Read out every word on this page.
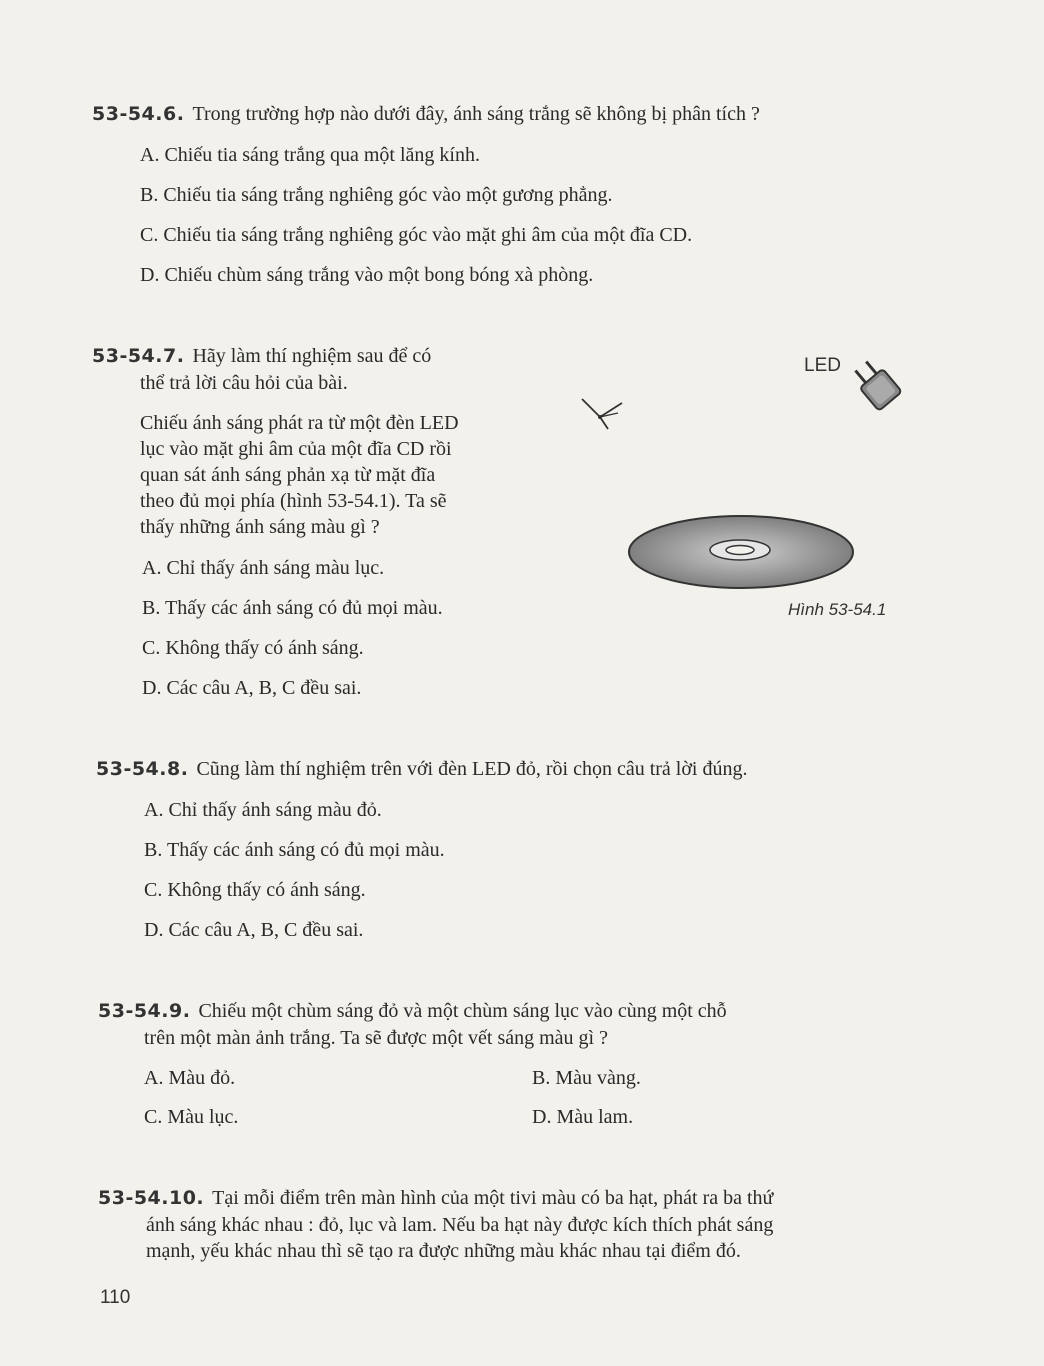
53-54.6. Trong trường hợp nào dưới đây, ánh sáng trắng sẽ không bị phân tích ?
A. Chiếu tia sáng trắng qua một lăng kính.
B. Chiếu tia sáng trắng nghiêng góc vào một gương phẳng.
C. Chiếu tia sáng trắng nghiêng góc vào mặt ghi âm của một đĩa CD.
D. Chiếu chùm sáng trắng vào một bong bóng xà phòng.
53-54.7. Hãy làm thí nghiệm sau để có
thể trả lời câu hỏi của bài.
Chiếu ánh sáng phát ra từ một đèn LED
lục vào mặt ghi âm của một đĩa CD rồi
quan sát ánh sáng phản xạ từ mặt đĩa
theo đủ mọi phía (hình 53-54.1). Ta sẽ
thấy những ánh sáng màu gì ?
A. Chỉ thấy ánh sáng màu lục.
B. Thấy các ánh sáng có đủ mọi màu.
C. Không thấy có ánh sáng.
D. Các câu A, B, C đều sai.
LED
Hình 53-54.1
53-54.8. Cũng làm thí nghiệm trên với đèn LED đỏ, rồi chọn câu trả lời đúng.
A. Chỉ thấy ánh sáng màu đỏ.
B. Thấy các ánh sáng có đủ mọi màu.
C. Không thấy có ánh sáng.
D. Các câu A, B, C đều sai.
53-54.9. Chiếu một chùm sáng đỏ và một chùm sáng lục vào cùng một chỗ
trên một màn ảnh trắng. Ta sẽ được một vết sáng màu gì ?
A. Màu đỏ.	B. Màu vàng.
C. Màu lục.	D. Màu lam.
53-54.10. Tại mỗi điểm trên màn hình của một tivi màu có ba hạt, phát ra ba thứ
ánh sáng khác nhau : đỏ, lục và lam. Nếu ba hạt này được kích thích phát sáng
mạnh, yếu khác nhau thì sẽ tạo ra được những màu khác nhau tại điểm đó.
110
